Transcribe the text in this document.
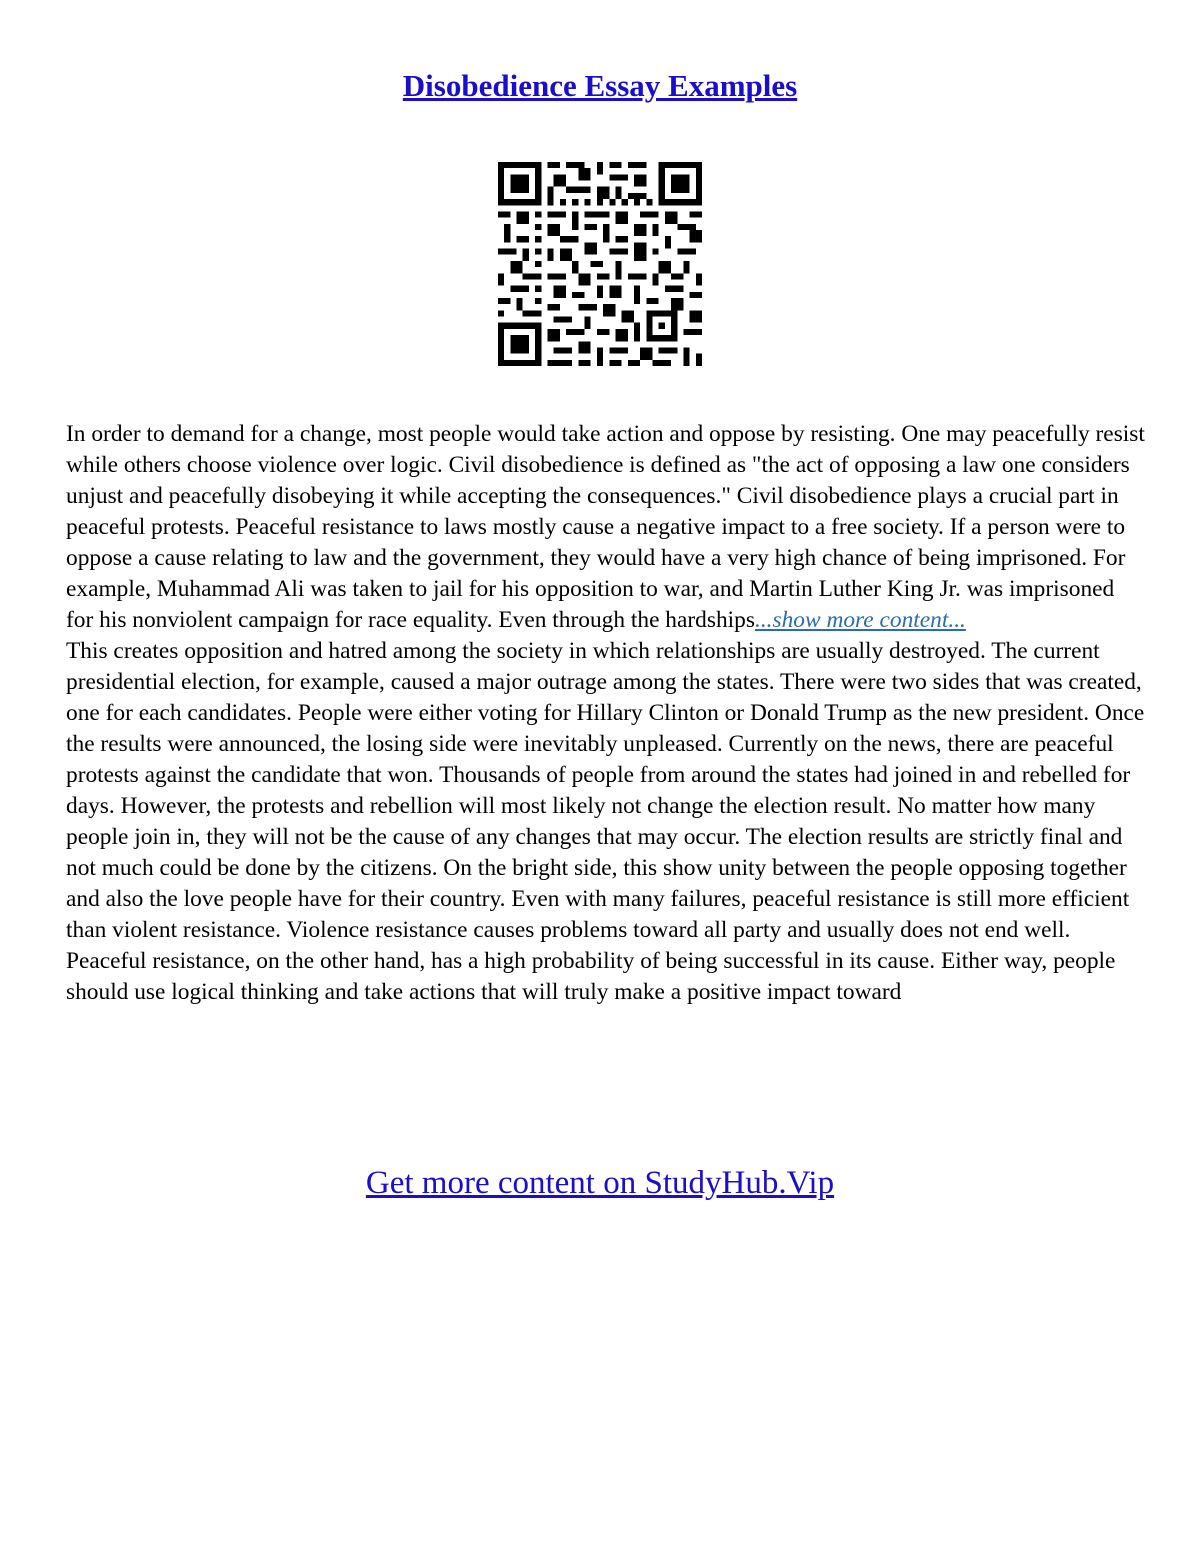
Disobedience Essay Examples

In order to demand for a change, most people would take action and oppose by resisting. One may peacefully resist while others choose violence over logic. Civil disobedience is defined as "the act of opposing a law one considers unjust and peacefully disobeying it while accepting the consequences." Civil disobedience plays a crucial part in peaceful protests. Peaceful resistance to laws mostly cause a negative impact to a free society. If a person were to oppose a cause relating to law and the government, they would have a very high chance of being imprisoned. For example, Muhammad Ali was taken to jail for his opposition to war, and Martin Luther King Jr. was imprisoned for his nonviolent campaign for race equality. Even through the hardships...show more content...

This creates opposition and hatred among the society in which relationships are usually destroyed. The current presidential election, for example, caused a major outrage among the states. There were two sides that was created, one for each candidates. People were either voting for Hillary Clinton or Donald Trump as the new president. Once the results were announced, the losing side were inevitably unpleased. Currently on the news, there are peaceful protests against the candidate that won. Thousands of people from around the states had joined in and rebelled for days. However, the protests and rebellion will most likely not change the election result. No matter how many people join in, they will not be the cause of any changes that may occur. The election results are strictly final and not much could be done by the citizens. On the bright side, this show unity between the people opposing together and also the love people have for their country. Even with many failures, peaceful resistance is still more efficient than violent resistance. Violence resistance causes problems toward all party and usually does not end well. Peaceful resistance, on the other hand, has a high probability of being successful in its cause. Either way, people should use logical thinking and take actions that will truly make a positive impact toward

Get more content on StudyHub.Vip
